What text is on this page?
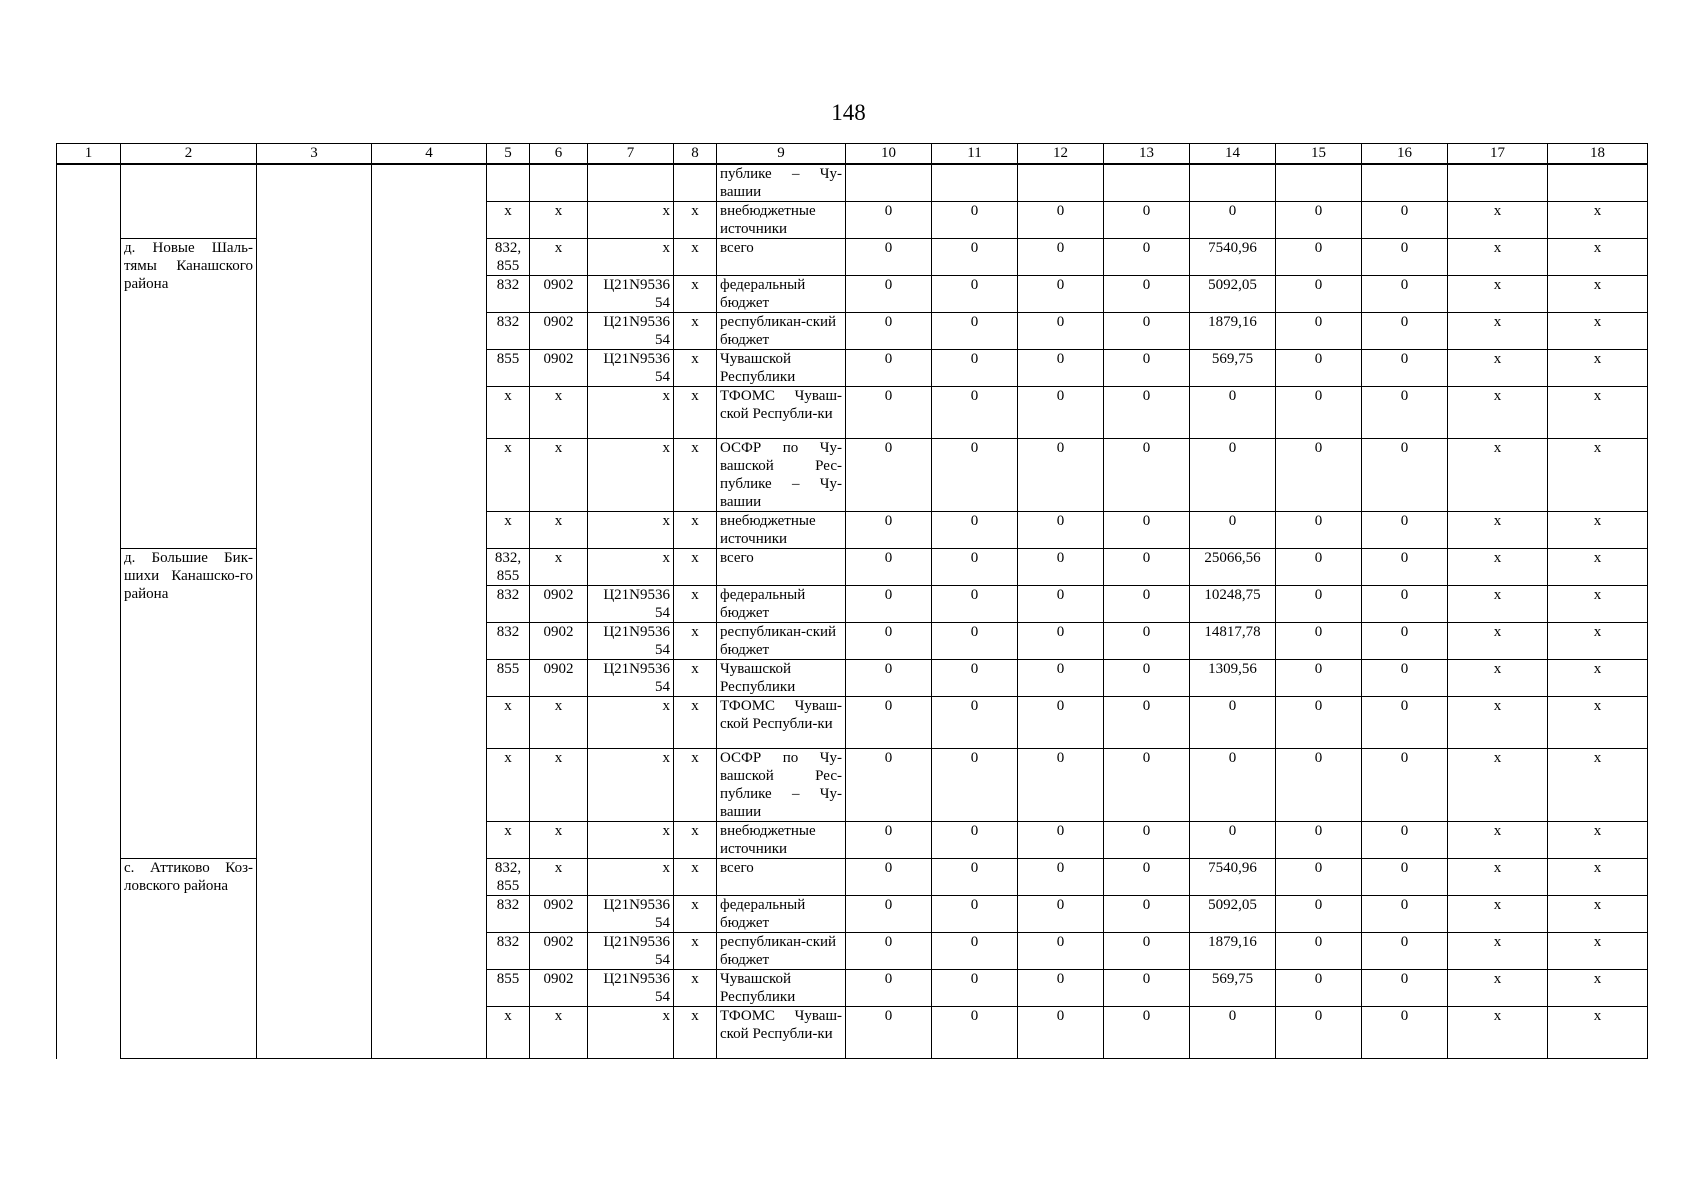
148
1	2	3	4	5	6	7	8	9	10	11	12	13	14	15	16	17	18
								публике – Чу-вашии									
				х	х	х	х	внебюджетные источники	0	0	0	0	0	0	0	х	х
	д. Новые Шаль-тямы Канашского района			832, 855	х	х	х	всего	0	0	0	0	7540,96	0	0	х	х
				832	0902	Ц21N9536 54	х	федеральный бюджет	0	0	0	0	5092,05	0	0	х	х
				832	0902	Ц21N9536 54	х	республикан-ский бюджет	0	0	0	0	1879,16	0	0	х	х
				855	0902	Ц21N9536 54	х	Чувашской Республики	0	0	0	0	569,75	0	0	х	х
				х	х	х	х	ТФОМС Чуваш-ской Республи-ки	0	0	0	0	0	0	0	х	х
				х	х	х	х	ОСФР по Чу-вашской Рес-публике – Чу-вашии	0	0	0	0	0	0	0	х	х
				х	х	х	х	внебюджетные источники	0	0	0	0	0	0	0	х	х
	д. Большие Бик-шихи Канашско-го района			832, 855	х	х	х	всего	0	0	0	0	25066,56	0	0	х	х
				832	0902	Ц21N9536 54	х	федеральный бюджет	0	0	0	0	10248,75	0	0	х	х
				832	0902	Ц21N9536 54	х	республикан-ский бюджет	0	0	0	0	14817,78	0	0	х	х
				855	0902	Ц21N9536 54	х	Чувашской Республики	0	0	0	0	1309,56	0	0	х	х
				х	х	х	х	ТФОМС Чуваш-ской Республи-ки	0	0	0	0	0	0	0	х	х
				х	х	х	х	ОСФР по Чу-вашской Рес-публике – Чу-вашии	0	0	0	0	0	0	0	х	х
				х	х	х	х	внебюджетные источники	0	0	0	0	0	0	0	х	х
	с. Аттиково Коз-ловского района			832, 855	х	х	х	всего	0	0	0	0	7540,96	0	0	х	х
				832	0902	Ц21N9536 54	х	федеральный бюджет	0	0	0	0	5092,05	0	0	х	х
				832	0902	Ц21N9536 54	х	республикан-ский бюджет	0	0	0	0	1879,16	0	0	х	х
				855	0902	Ц21N9536 54	х	Чувашской Республики	0	0	0	0	569,75	0	0	х	х
				х	х	х	х	ТФОМС Чуваш-ской Республи-ки	0	0	0	0	0	0	0	х	х
